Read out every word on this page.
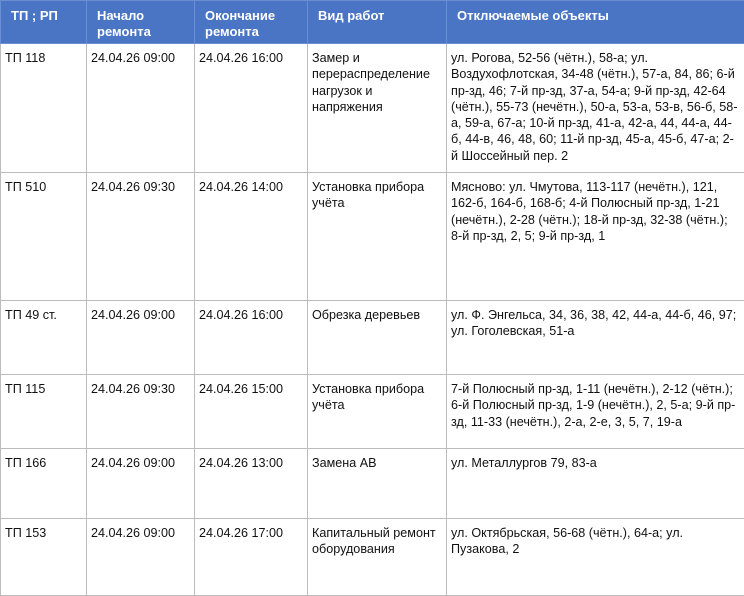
ТП ; РП	Начало ремонта	Окончание ремонта	Вид работ	Отключаемые объекты
ТП 118	24.04.26 09:00	24.04.26 16:00	Замер и перераспределение нагрузок и напряжения	ул. Рогова, 52-56 (чётн.), 58-а; ул. Воздухофлотская, 34-48 (чётн.), 57-а, 84, 86; 6-й пр-зд, 46; 7-й пр-зд, 37-а, 54-а; 9-й пр-зд, 42-64 (чётн.), 55-73 (нечётн.), 50-а, 53-а, 53-в, 56-б, 58-а, 59-а, 67-а; 10-й пр-зд, 41-а, 42-а, 44, 44-а, 44-б, 44-в, 46, 48, 60; 11-й пр-зд, 45-а, 45-б, 47-а; 2-й Шоссейный пер. 2
ТП 510	24.04.26 09:30	24.04.26 14:00	Установка прибора учёта	Мясново: ул. Чмутова, 113-117 (нечётн.), 121, 162-б, 164-б, 168-б; 4-й Полюсный пр-зд, 1-21 (нечётн.), 2-28 (чётн.); 18-й пр-зд, 32-38 (чётн.); 8-й пр-зд, 2, 5; 9-й пр-зд, 1
ТП 49 ст.	24.04.26 09:00	24.04.26 16:00	Обрезка деревьев	ул. Ф. Энгельса, 34, 36, 38, 42, 44-а, 44-б, 46, 97; ул. Гоголевская, 51-а
ТП 115	24.04.26 09:30	24.04.26 15:00	Установка прибора учёта	7-й Полюсный пр-зд, 1-11 (нечётн.), 2-12 (чётн.); 6-й Полюсный пр-зд, 1-9 (нечётн.), 2, 5-а; 9-й пр-зд, 11-33 (нечётн.), 2-а, 2-е, 3, 5, 7, 19-а
ТП 166	24.04.26 09:00	24.04.26 13:00	Замена АВ	ул. Металлургов 79, 83-а
ТП 153	24.04.26 09:00	24.04.26 17:00	Капитальный ремонт оборудования	ул. Октябрьская, 56-68 (чётн.), 64-а; ул. Пузакова, 2
